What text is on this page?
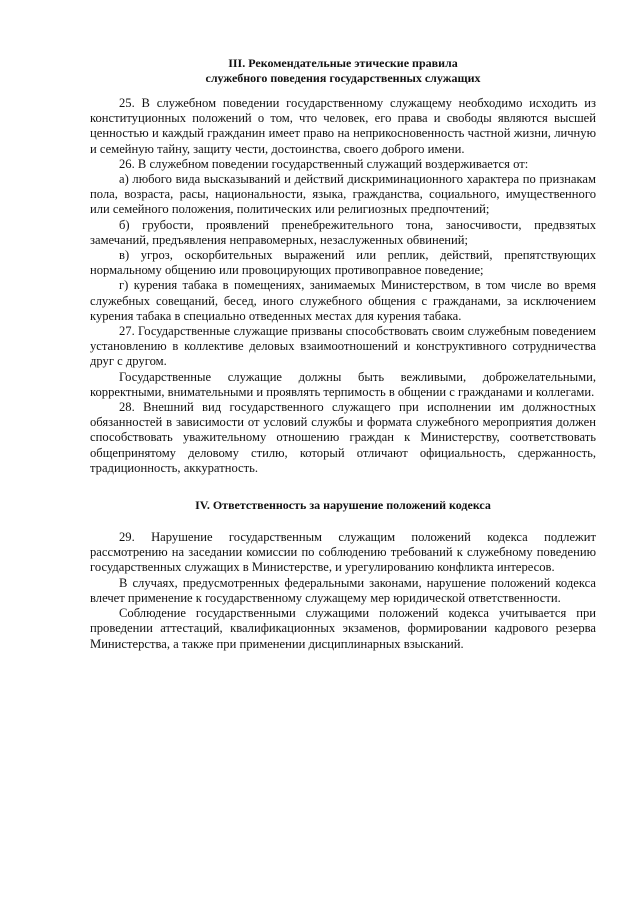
III. Рекомендательные этические правила
служебного поведения государственных служащих

25. В служебном поведении государственному служащему необходимо исходить из конституционных положений о том, что человек, его права и свободы являются высшей ценностью и каждый гражданин имеет право на неприкосновенность частной жизни, личную и семейную тайну, защиту чести, достоинства, своего доброго имени.

26. В служебном поведении государственный служащий воздерживается от:

а) любого вида высказываний и действий дискриминационного характера по признакам пола, возраста, расы, национальности, языка, гражданства, социального, имущественного или семейного положения, политических или религиозных предпочтений;

б) грубости, проявлений пренебрежительного тона, заносчивости, предвзятых замечаний, предъявления неправомерных, незаслуженных обвинений;

в) угроз, оскорбительных выражений или реплик, действий, препятствующих нормальному общению или провоцирующих противоправное поведение;

г) курения табака в помещениях, занимаемых Министерством, в том числе во время служебных совещаний, бесед, иного служебного общения с гражданами, за исключением курения табака в специально отведенных местах для курения табака.

27. Государственные служащие призваны способствовать своим служебным поведением установлению в коллективе деловых взаимоотношений и конструктивного сотрудничества друг с другом.

Государственные служащие должны быть вежливыми, доброжелательными, корректными, внимательными и проявлять терпимость в общении с гражданами и коллегами.

28. Внешний вид государственного служащего при исполнении им должностных обязанностей в зависимости от условий службы и формата служебного мероприятия должен способствовать уважительному отношению граждан к Министерству, соответствовать общепринятому деловому стилю, который отличают официальность, сдержанность, традиционность, аккуратность.

IV. Ответственность за нарушение положений кодекса

29. Нарушение государственным служащим положений кодекса подлежит рассмотрению на заседании комиссии по соблюдению требований к служебному поведению государственных служащих в Министерстве, и урегулированию конфликта интересов.

В случаях, предусмотренных федеральными законами, нарушение положений кодекса влечет применение к государственному служащему мер юридической ответственности.

Соблюдение государственными служащими положений кодекса учитывается при проведении аттестаций, квалификационных экзаменов, формировании кадрового резерва Министерства, а также при применении дисциплинарных взысканий.
